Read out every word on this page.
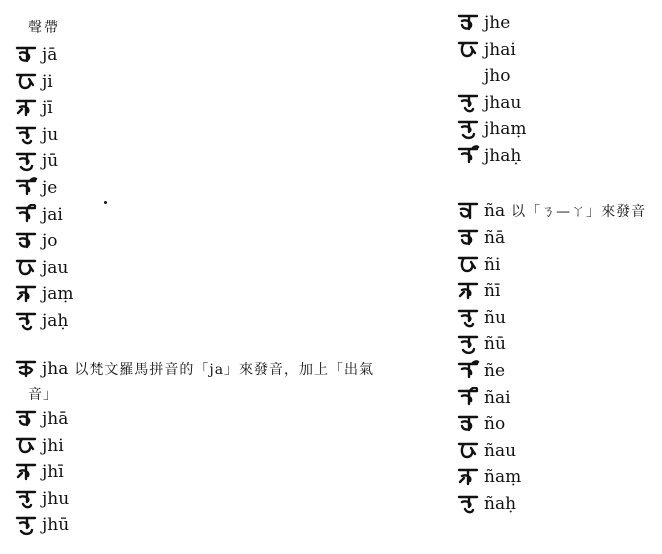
聲帶
jā
ji
jī
ju
jū
je
jai
jo
jau
jaṃ
jaḥ
jha 以梵文羅馬拼音的「ja」來發音，加上「出氣
音」
jhā
jhi
jhī
jhu
jhū
jhe
jhai
jho
jhau
jhaṃ
jhaḥ
ña 以「ㄋ—ㄚ」來發音
ñā
ñi
ñī
ñu
ñū
ñe
ñai
ño
ñau
ñaṃ
ñaḥ
